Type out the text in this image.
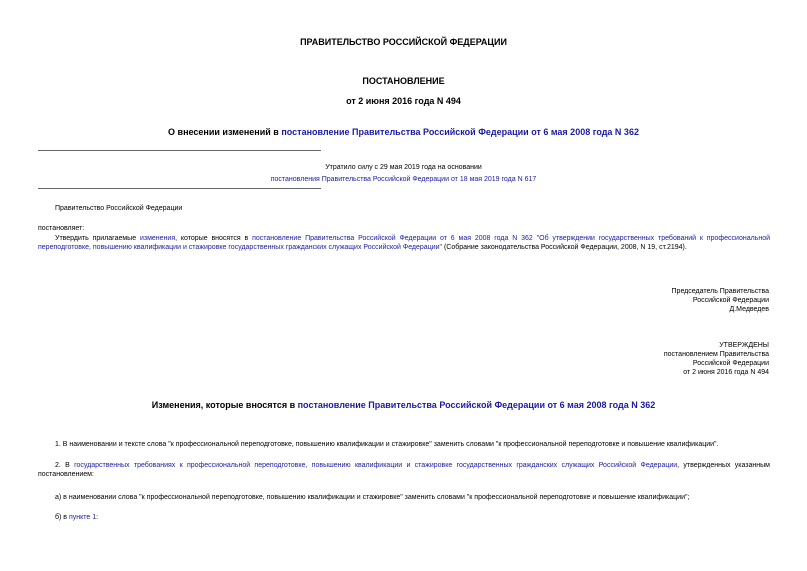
ПРАВИТЕЛЬСТВО РОССИЙСКОЙ ФЕДЕРАЦИИ
ПОСТАНОВЛЕНИЕ
от 2 июня 2016 года N 494
О внесении изменений в постановление Правительства Российской Федерации от 6 мая 2008 года N 362
Утратило силу с 29 мая 2019 года на основании
постановления Правительства Российской Федерации от 18 мая 2019 года N 617
Правительство Российской Федерации
постановляет:
Утвердить прилагаемые изменения, которые вносятся в постановление Правительства Российской Федерации от 6 мая 2008 года N 362 "Об утверждении государственных требований к профессиональной переподготовке, повышению квалификации и стажировке государственных гражданских служащих Российской Федерации" (Собрание законодательства Российской Федерации, 2008, N 19, ст.2194).
Председатель Правительства
Российской Федерации
Д.Медведев
УТВЕРЖДЕНЫ
постановлением Правительства
Российской Федерации
от 2 июня 2016 года N 494
Изменения, которые вносятся в постановление Правительства Российской Федерации от 6 мая 2008 года N 362
1. В наименовании и тексте слова "к профессиональной переподготовке, повышению квалификации и стажировке" заменить словами "к профессиональной переподготовке и повышение квалификации".
2. В государственных требованиях к профессиональной переподготовке, повышению квалификации и стажировке государственных гражданских служащих Российской Федерации, утвержденных указанным постановлением:
а) в наименовании слова "к профессиональной переподготовке, повышению квалификации и стажировке" заменить словами "к профессиональной переподготовке и повышение квалификации";
б) в пункте 1:
